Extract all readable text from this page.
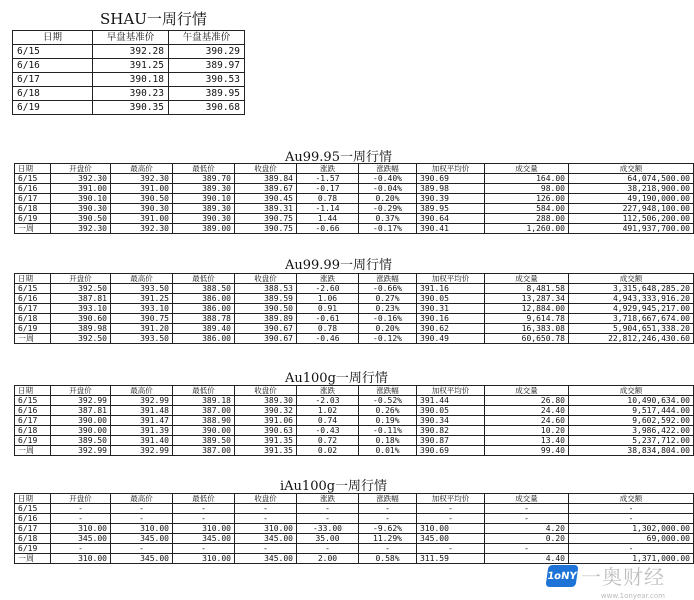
SHAU一周行情
日期	早盘基准价	午盘基准价
6/15	392.28	390.29
6/16	391.25	389.97
6/17	390.18	390.53
6/18	390.23	389.95
6/19	390.35	390.68
Au99.95一周行情
日期	开盘价	最高价	最低价	收盘价	涨跌	涨跌幅	加权平均价	成交量	成交额
6/15	392.30	392.30	389.70	389.84	-1.57	-0.40%	390.69	164.00	64,074,500.00
6/16	391.00	391.00	389.30	389.67	-0.17	-0.04%	389.98	98.00	38,218,900.00
6/17	390.10	390.50	390.10	390.45	0.78	0.20%	390.39	126.00	49,190,000.00
6/18	390.30	390.30	389.30	389.31	-1.14	-0.29%	389.95	584.00	227,948,100.00
6/19	390.50	391.00	390.30	390.75	1.44	0.37%	390.64	288.00	112,506,200.00
一周	392.30	392.30	389.00	390.75	-0.66	-0.17%	390.41	1,260.00	491,937,700.00
Au99.99一周行情
日期	开盘价	最高价	最低价	收盘价	涨跌	涨跌幅	加权平均价	成交量	成交额
6/15	392.50	393.50	388.50	388.53	-2.60	-0.66%	391.16	8,481.58	3,315,648,285.20
6/16	387.81	391.25	386.00	389.59	1.06	0.27%	390.05	13,287.34	4,943,333,916.20
6/17	393.10	393.10	386.00	390.50	0.91	0.23%	390.31	12,884.00	4,929,945,217.00
6/18	390.60	390.75	388.78	389.89	-0.61	-0.16%	390.16	9,614.78	3,718,667,674.00
6/19	389.98	391.20	389.40	390.67	0.78	0.20%	390.62	16,383.08	5,904,651,338.20
一周	392.50	393.50	386.00	390.67	-0.46	-0.12%	390.49	60,650.78	22,812,246,430.60
Au100g一周行情
日期	开盘价	最高价	最低价	收盘价	涨跌	涨跌幅	加权平均价	成交量	成交额
6/15	392.99	392.99	389.18	389.30	-2.03	-0.52%	391.44	26.80	10,490,634.00
6/16	387.81	391.48	387.00	390.32	1.02	0.26%	390.05	24.40	9,517,444.00
6/17	390.00	391.47	388.90	391.06	0.74	0.19%	390.34	24.60	9,602,592.00
6/18	390.00	391.39	390.00	390.63	-0.43	-0.11%	390.82	10.20	3,986,422.00
6/19	389.50	391.40	389.50	391.35	0.72	0.18%	390.87	13.40	5,237,712.00
一周	392.99	392.99	387.00	391.35	0.02	0.01%	390.69	99.40	38,834,804.00
iAu100g一周行情
日期	开盘价	最高价	最低价	收盘价	涨跌	涨跌幅	加权平均价	成交量	成交额
6/15	-	-	-	-	-	-	-	-	-
6/16	-	-	-	-	-	-	-	-	-
6/17	310.00	310.00	310.00	310.00	-33.00	-9.62%	310.00	4.20	1,302,000.00
6/18	345.00	345.00	345.00	345.00	35.00	11.29%	345.00	0.20	69,000.00
6/19	-	-	-	-	-	-	-	-	-
一周	310.00	345.00	310.00	345.00	2.00	0.58%	311.59	4.40	1,371,000.00
1oNY 一奥财经
www.1onyear.com
